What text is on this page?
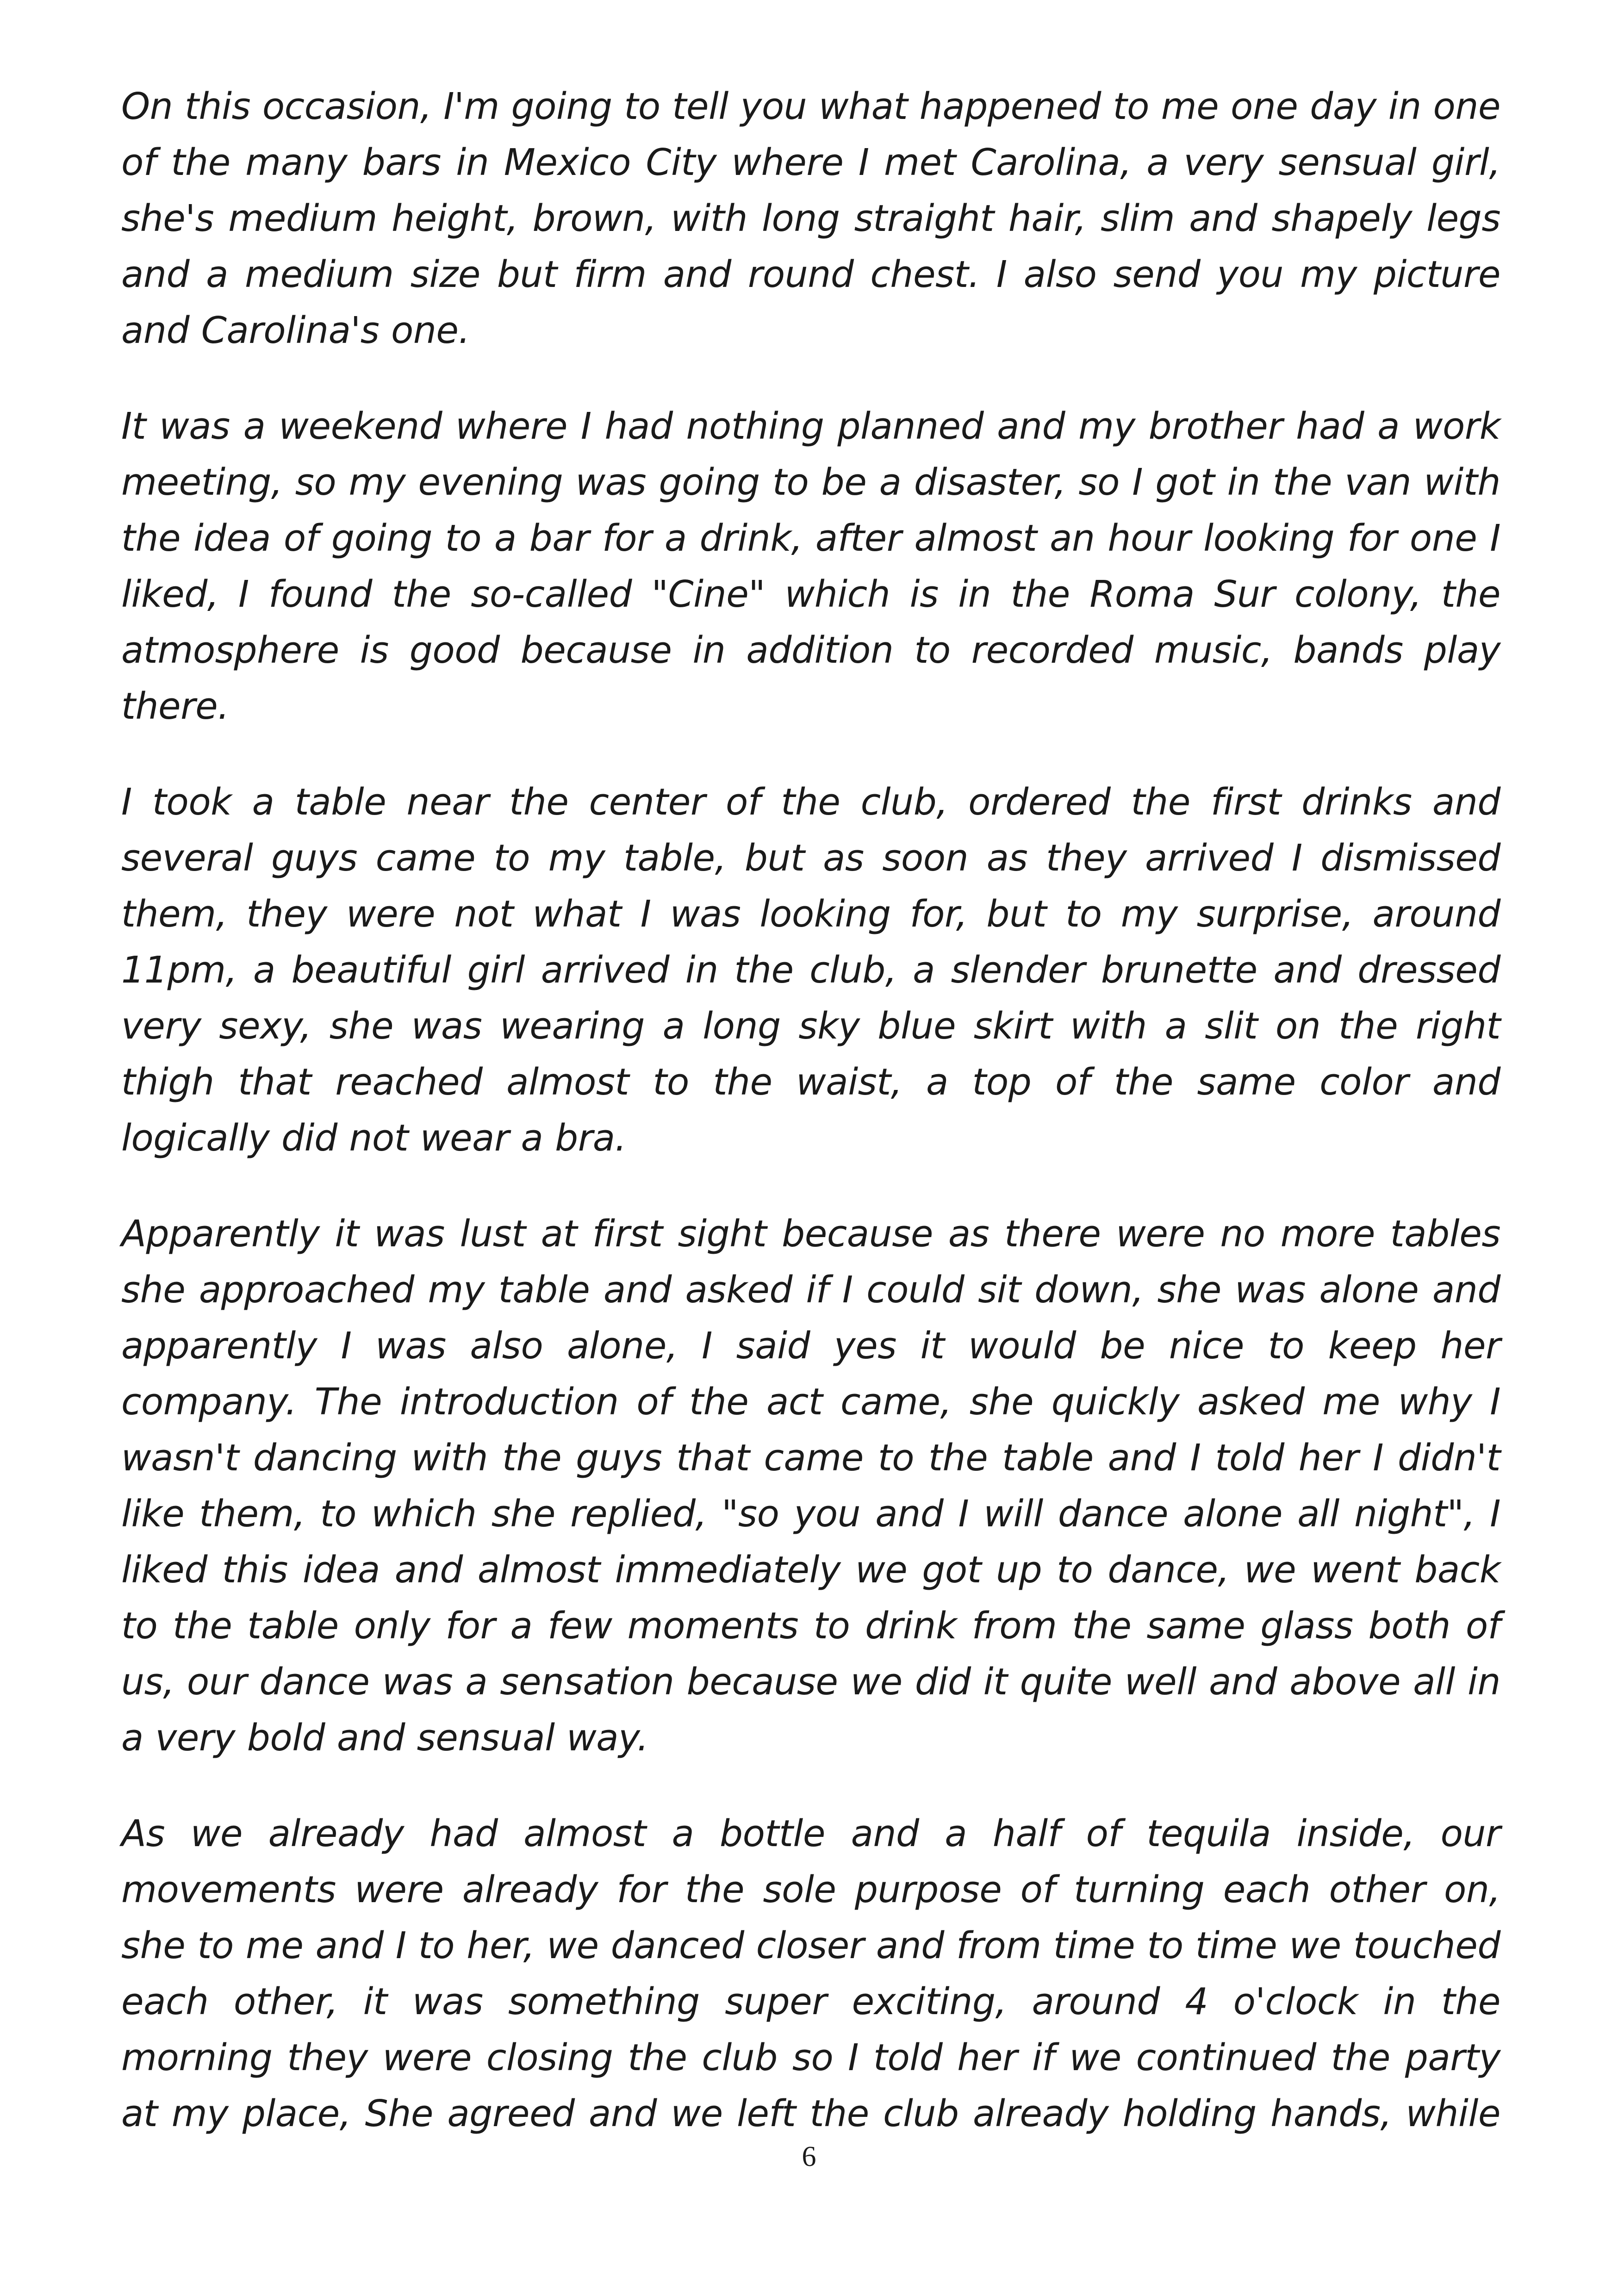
On this occasion, I'm going to tell you what happened to me one day in one of the many bars in Mexico City where I met Carolina, a very sensual girl, she's medium height, brown, with long straight hair, slim and shapely legs and a medium size but firm and round chest. I also send you my picture and Carolina's one.

It was a weekend where I had nothing planned and my brother had a work meeting, so my evening was going to be a disaster, so I got in the van with the idea of going to a bar for a drink, after almost an hour looking for one I liked, I found the so-called "Cine" which is in the Roma Sur colony, the atmosphere is good because in addition to recorded music, bands play there.

I took a table near the center of the club, ordered the first drinks and several guys came to my table, but as soon as they arrived I dismissed them, they were not what I was looking for, but to my surprise, around 11pm, a beautiful girl arrived in the club, a slender brunette and dressed very sexy, she was wearing a long sky blue skirt with a slit on the right thigh that reached almost to the waist, a top of the same color and logically did not wear a bra.

Apparently it was lust at first sight because as there were no more tables she approached my table and asked if I could sit down, she was alone and apparently I was also alone, I said yes it would be nice to keep her company. The introduction of the act came, she quickly asked me why I wasn't dancing with the guys that came to the table and I told her I didn't like them, to which she replied, "so you and I will dance alone all night", I liked this idea and almost immediately we got up to dance, we went back to the table only for a few moments to drink from the same glass both of us, our dance was a sensation because we did it quite well and above all in a very bold and sensual way.

As we already had almost a bottle and a half of tequila inside, our movements were already for the sole purpose of turning each other on, she to me and I to her, we danced closer and from time to time we touched each other, it was something super exciting, around 4 o'clock in the morning they were closing the club so I told her if we continued the party at my place, She agreed and we left the club already holding hands, while

6
